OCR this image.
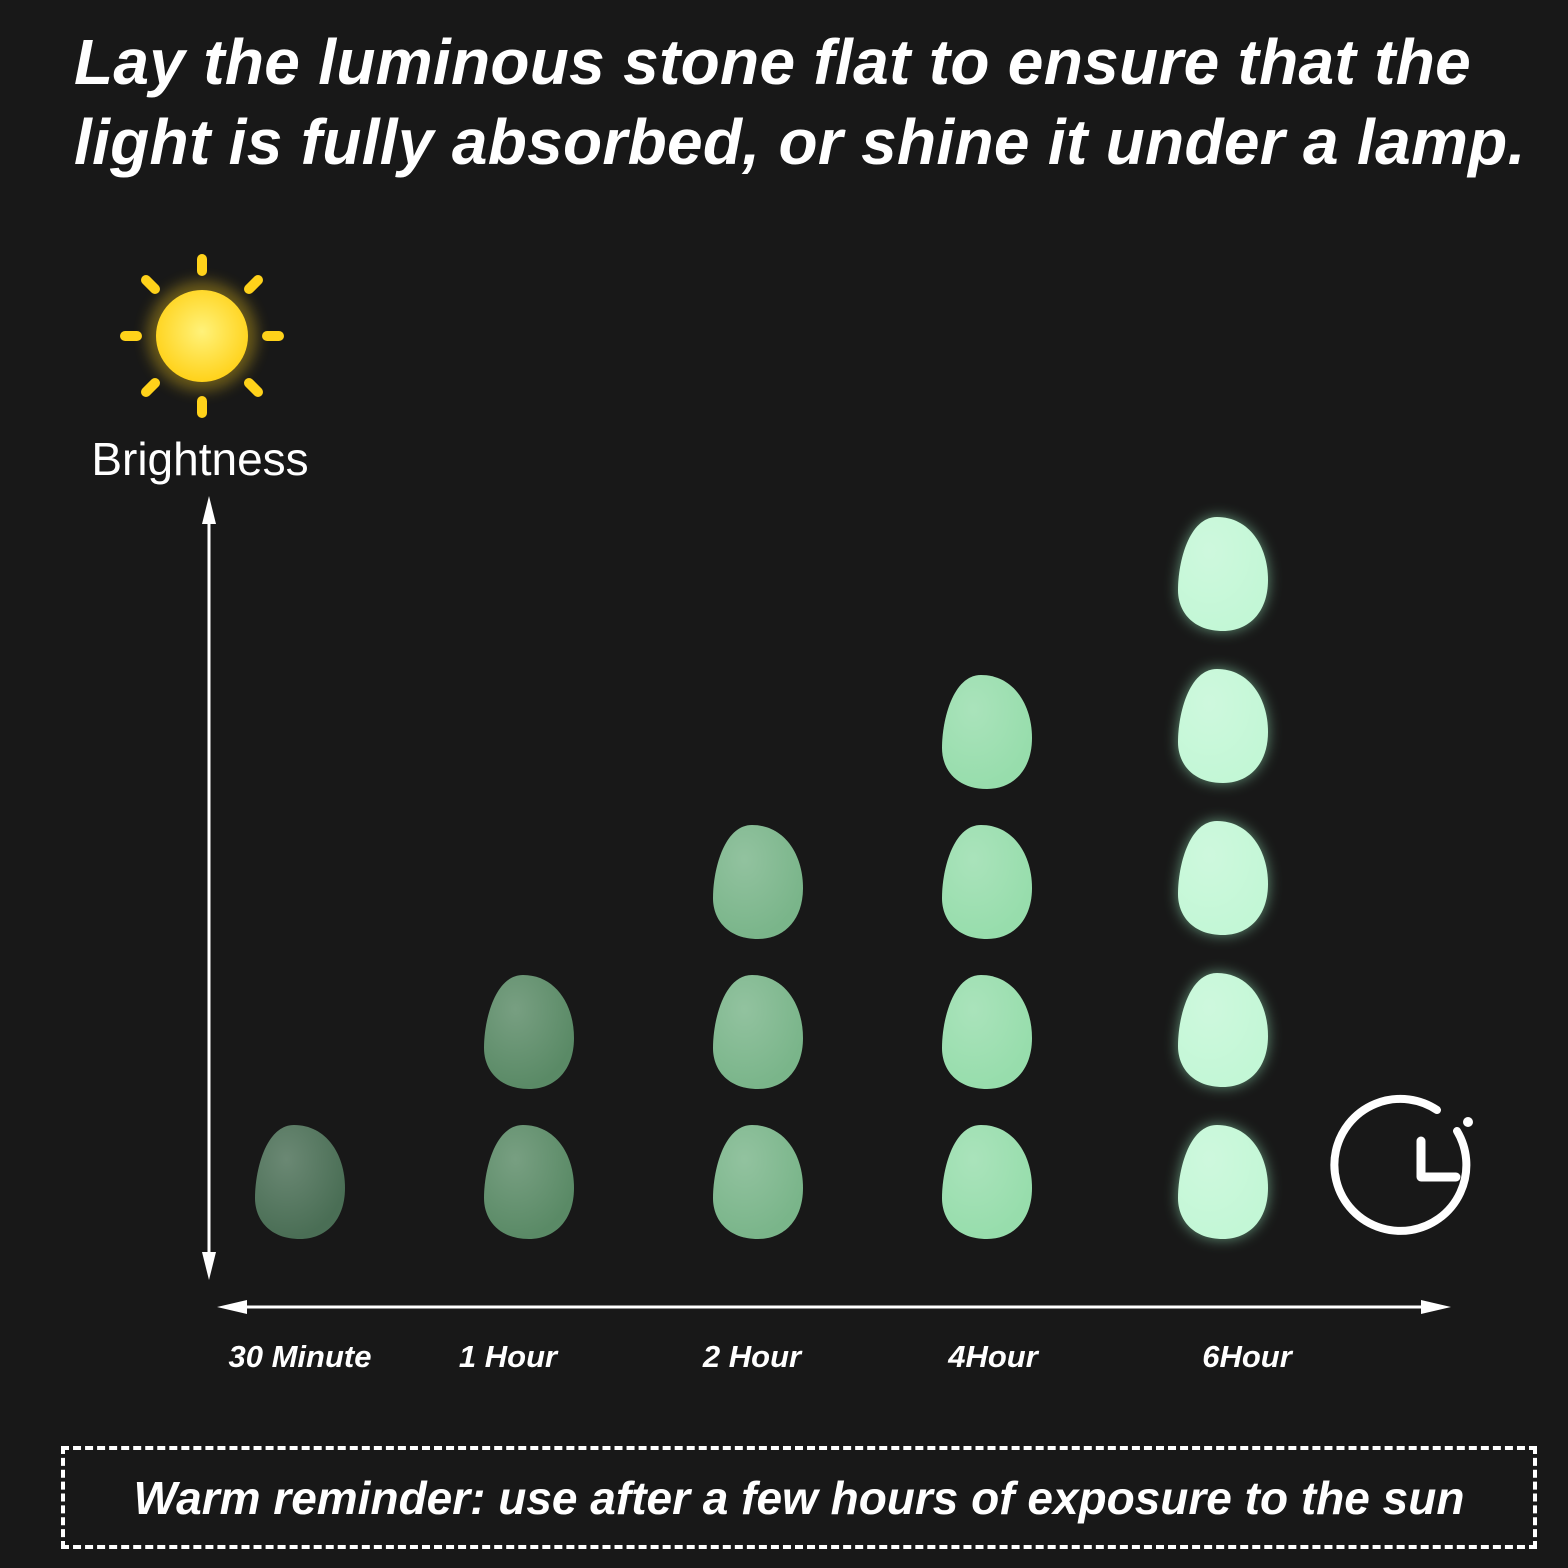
Lay the luminous stone flat to ensure that the
light is fully absorbed, or shine it under a lamp.
Brightness
30 Minute	1 Hour	2 Hour	4Hour	6Hour
Warm reminder: use after a few hours of exposure to the sun
